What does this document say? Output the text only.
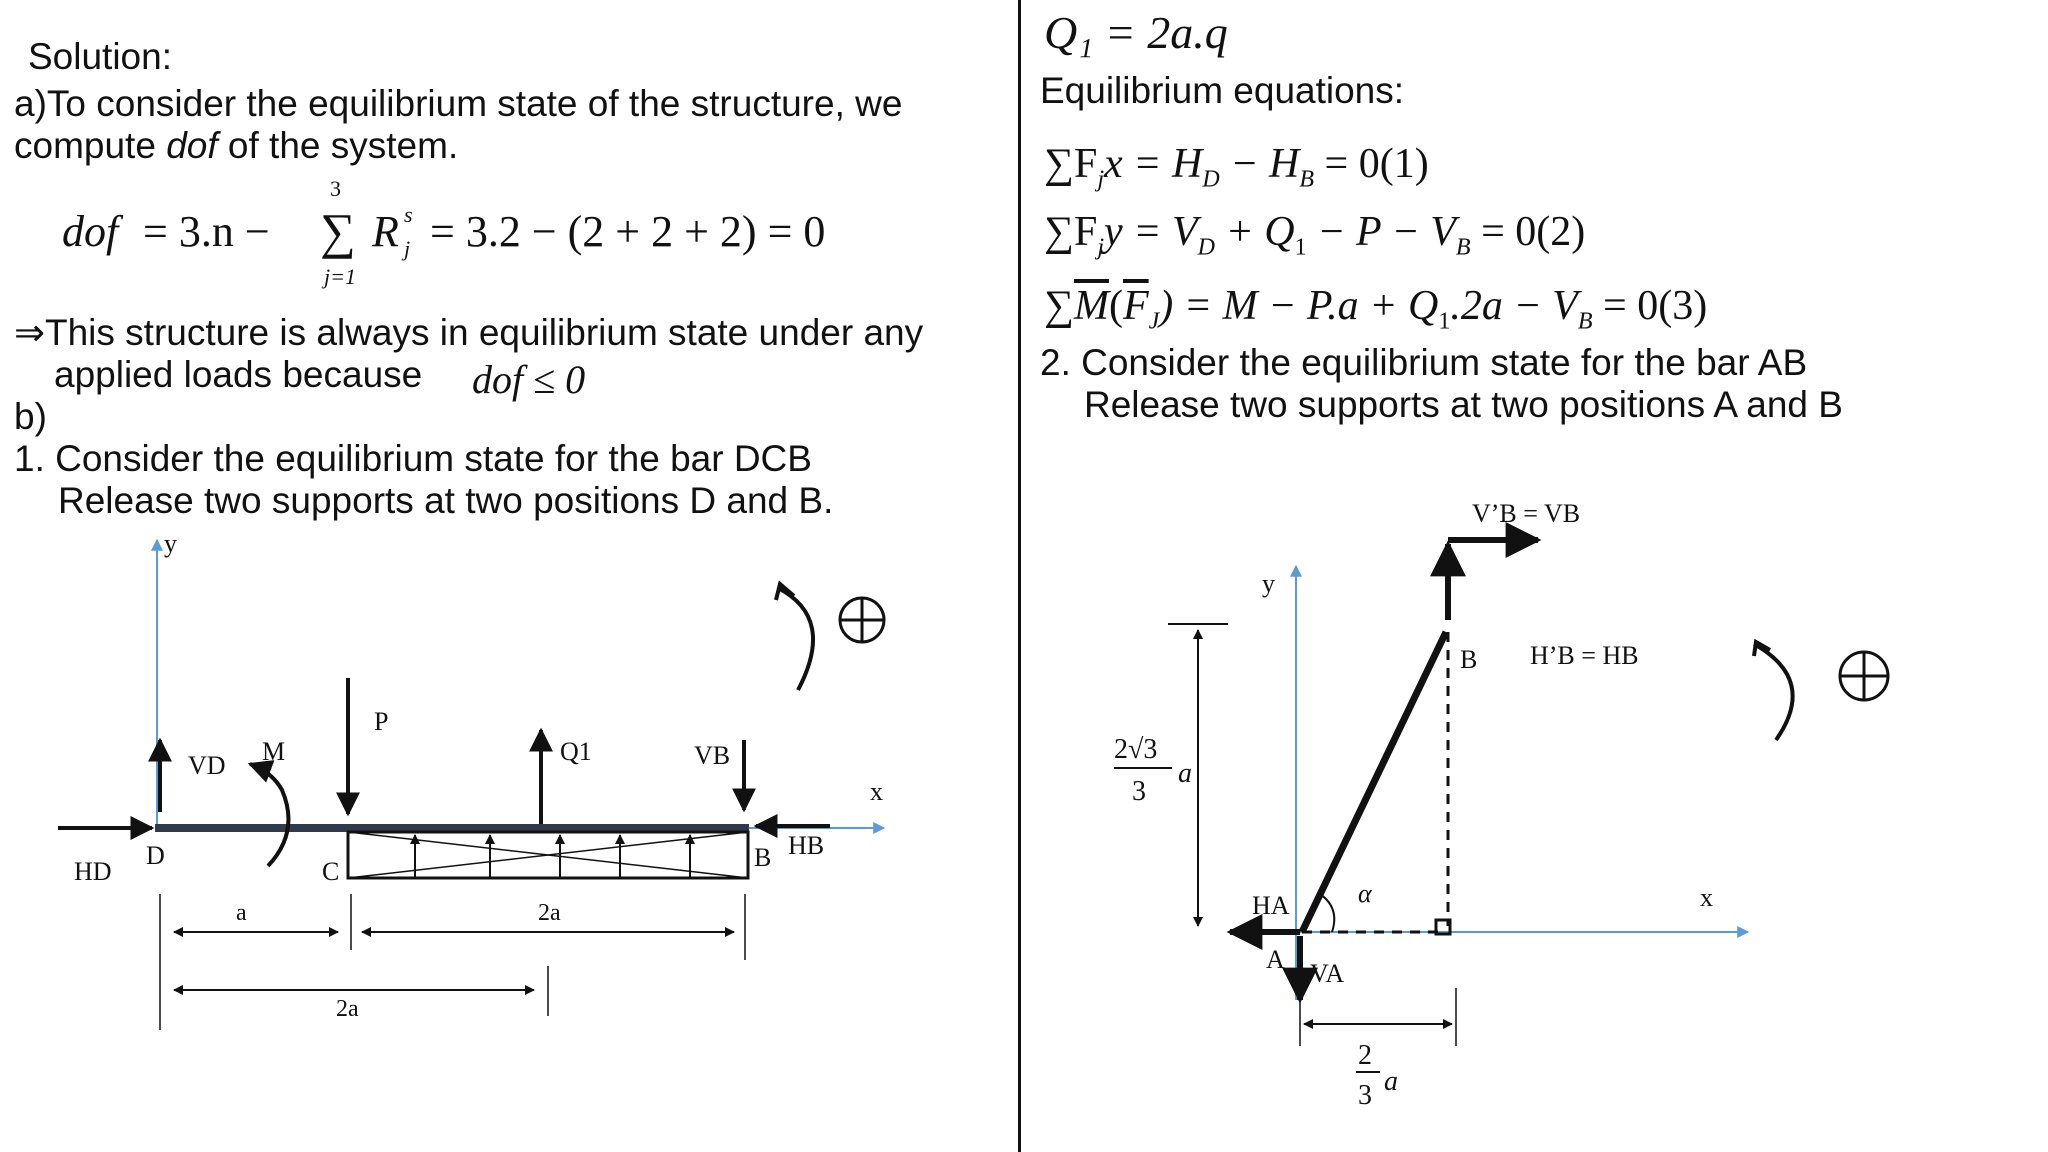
Solution:
a)To consider the equilibrium state of the structure, we
compute dof of the system.
dof = 3.n −
3
∑
j=1
R s
j = 3.2 − (2 + 2 + 2) = 0
⇒This structure is always in equilibrium state under any
applied loads because dof ≤ 0
b)
1. Consider the equilibrium state for the bar DCB
Release two supports at two positions D and B.
Q₁ = 2a.q
Equilibrium equations:
$\sum F_jx = H_D - H_B = 0(1)$
$\sum F_jy = V_D + Q_1 - P - V_B = 0(2)$
$\sum\overline{M}(\overline{F}_J) = M - P.a + Q_1.2a - V_B = 0(3)$
2. Consider the equilibrium state for the bar AB
Release two supports at two positions A and B
y
x
HD
VD
D
M
P
C
Q1	VB
HB
B
a	2a
2a
y
x
V’B = VB
B H’B = HB
HA
VA
A
α
2√3
3
a
2
3 a
